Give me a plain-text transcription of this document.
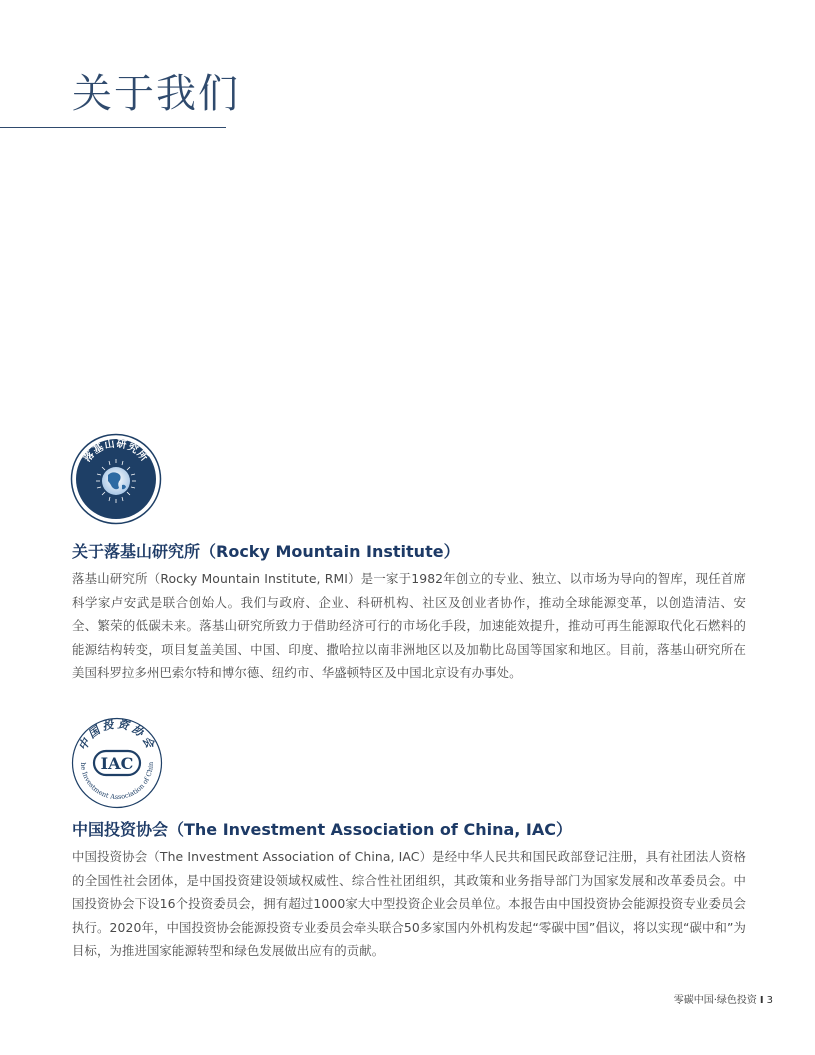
关于我们
落基山研究所
关于落基山研究所（Rocky Mountain Institute）

落基山研究所（Rocky Mountain Institute, RMI）是一家于1982年创立的专业、独立、以市场为导向的智库，现任首席科学家卢安武是联合创始人。我们与政府、企业、科研机构、社区及创业者协作，推动全球能源变革，以创造清洁、安全、繁荣的低碳未来。落基山研究所致力于借助经济可行的市场化手段，加速能效提升，推动可再生能源取代化石燃料的能源结构转变，项目复盖美国、中国、印度、撒哈拉以南非洲地区以及加勒比岛国等国家和地区。目前，落基山研究所在美国科罗拉多州巴索尔特和博尔德、纽约市、华盛顿特区及中国北京设有办事处。

中国投资协会
IAC
he Investment Association of Chin
中国投资协会（The Investment Association of China, IAC）

中国投资协会（The Investment Association of China, IAC）是经中华人民共和国民政部登记注册，具有社团法人资格的全国性社会团体，是中国投资建设领域权威性、综合性社团组织，其政策和业务指导部门为国家发展和改革委员会。中国投资协会下设16个投资委员会，拥有超过1000家大中型投资企业会员单位。本报告由中国投资协会能源投资专业委员会执行。2020年，中国投资协会能源投资专业委员会牵头联合50多家国内外机构发起“零碳中国”倡议，将以实现“碳中和”为目标，为推进国家能源转型和绿色发展做出应有的贡献。

零碳中国·绿色投资 I 3
